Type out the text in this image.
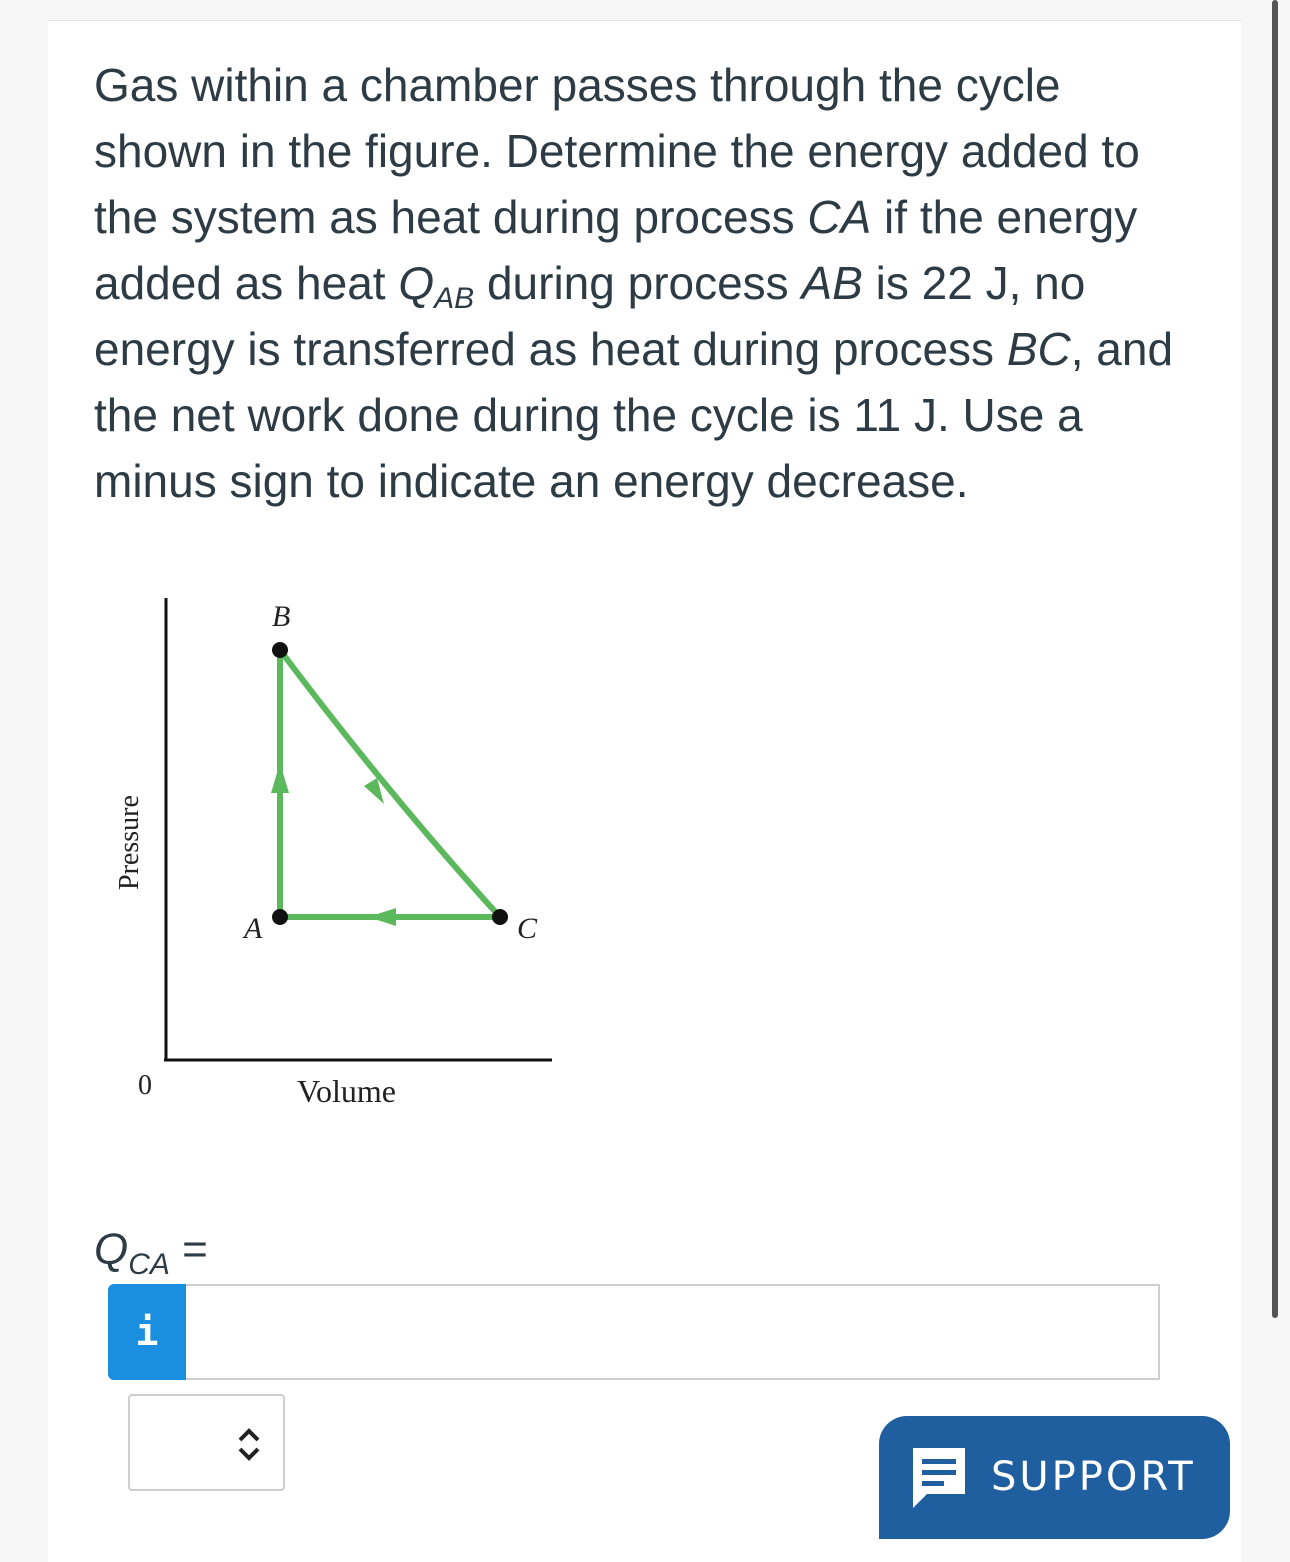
Gas within a chamber passes through the cycle shown in the figure. Determine the energy added to the system as heat during process CA if the energy added as heat $Q_{AB}$ during process AB is 22 J, no energy is transferred as heat during process BC, and the net work done during the cycle is 11 J. Use a minus sign to indicate an energy decrease.

B
A	C
Pressure
0	Volume
$Q_{CA}$ =
i
SUPPORT
